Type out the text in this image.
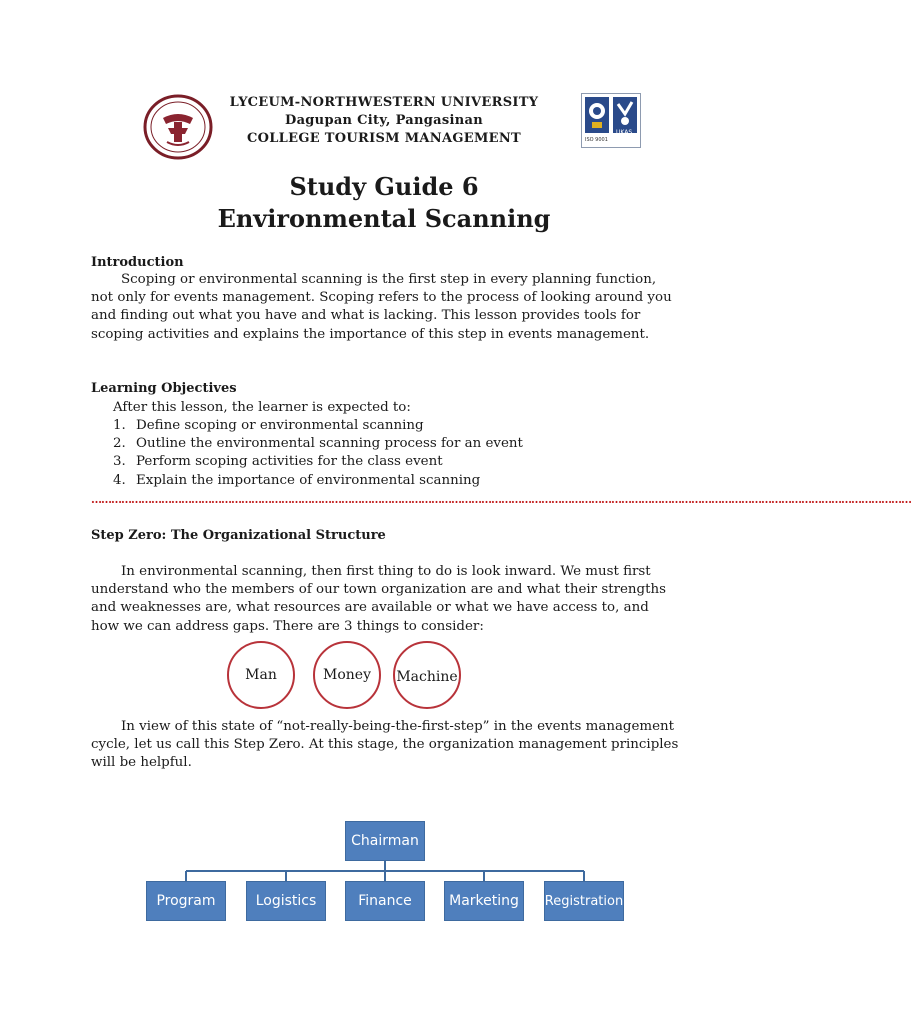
UKAS
ISO 9001
LYCEUM-NORTHWESTERN UNIVERSITY
Dagupan City, Pangasinan
COLLEGE TOURISM MANAGEMENT
Study Guide 6
Environmental Scanning
Introduction

Scoping or environmental scanning is the first step in every planning function, not only for events management. Scoping refers to the process of looking around you and finding out what you have and what is lacking. This lesson provides tools for scoping activities and explains the importance of this step in events management.

Learning Objectives
After this lesson, the learner is expected to:
1. Define scoping or environmental scanning
2. Outline the environmental scanning process for an event
3. Perform scoping activities for the class event
4. Explain the importance of environmental scanning
…………………………………………………………………………………………………………………………………………………………………………………………………………………………
Step Zero: The Organizational Structure

In environmental scanning, then first thing to do is look inward. We must first understand who the members of our town organization are and what their strengths and weaknesses are, what resources are available or what we have access to, and how we can address gaps. There are 3 things to consider:

Man	Money	Machine

In view of this state of “not-really-being-the-first-step” in the events management cycle, let us call this Step Zero. At this stage, the organization management principles will be helpful.

Chairman
Program	Logistics	Finance	Marketing	Registration
